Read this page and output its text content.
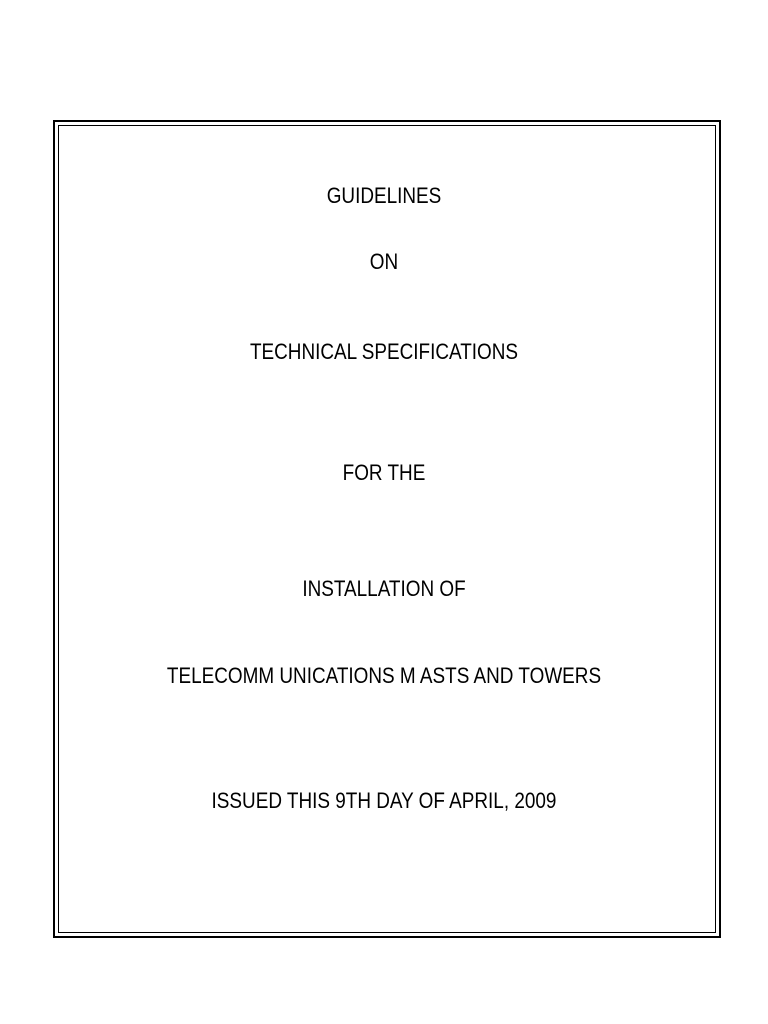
GUIDELINES
ON
TECHNICAL SPECIFICATIONS
FOR THE
INSTALLATION OF
TELECOMM UNICATIONS M ASTS AND TOWERS
ISSUED THIS 9TH DAY OF APRIL, 2009
